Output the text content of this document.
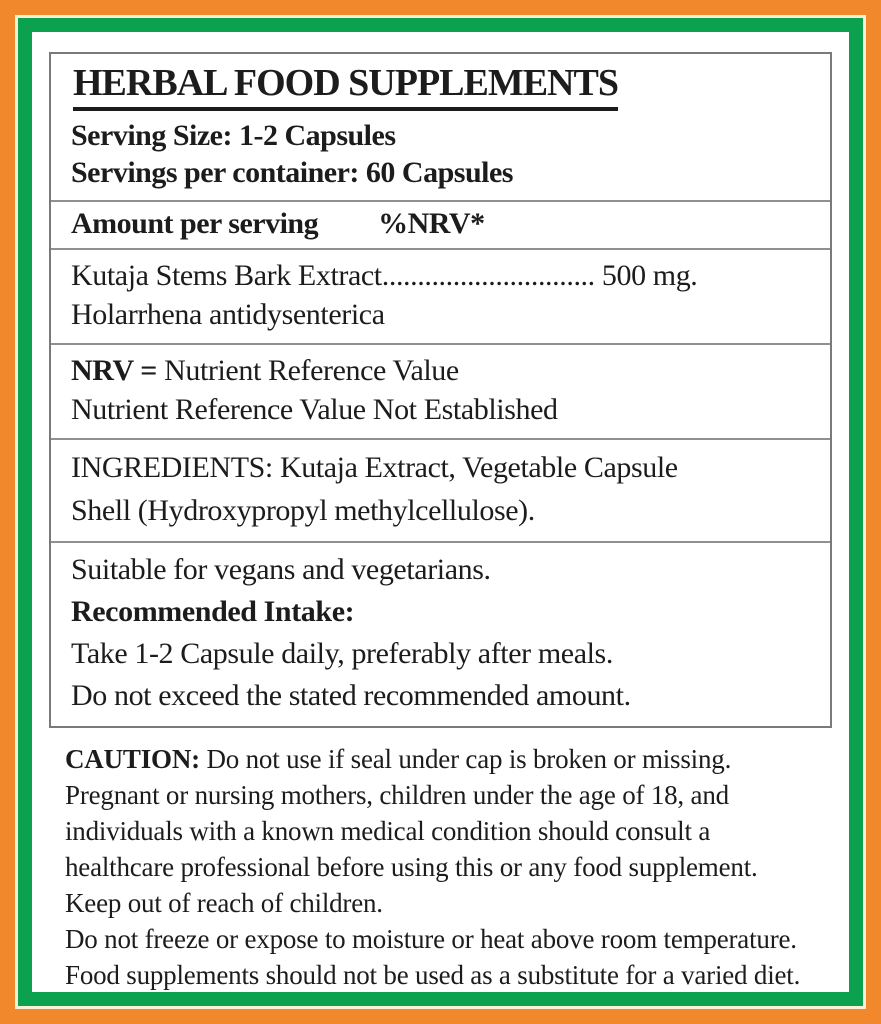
HERBAL FOOD SUPPLEMENTS
Serving Size: 1-2 Capsules
Servings per container: 60 Capsules
Amount per serving %NRV*
Kutaja Stems Bark Extract.............................. 500 mg.
Holarrhena antidysenterica
NRV = Nutrient Reference Value
Nutrient Reference Value Not Established
INGREDIENTS: Kutaja Extract, Vegetable Capsule
Shell (Hydroxypropyl methylcellulose).
Suitable for vegans and vegetarians.
Recommended Intake:
Take 1-2 Capsule daily, preferably after meals.
Do not exceed the stated recommended amount.
CAUTION: Do not use if seal under cap is broken or missing.
Pregnant or nursing mothers, children under the age of 18, and
individuals with a known medical condition should consult a
healthcare professional before using this or any food supplement.
Keep out of reach of children.
Do not freeze or expose to moisture or heat above room temperature.
Food supplements should not be used as a substitute for a varied diet.
